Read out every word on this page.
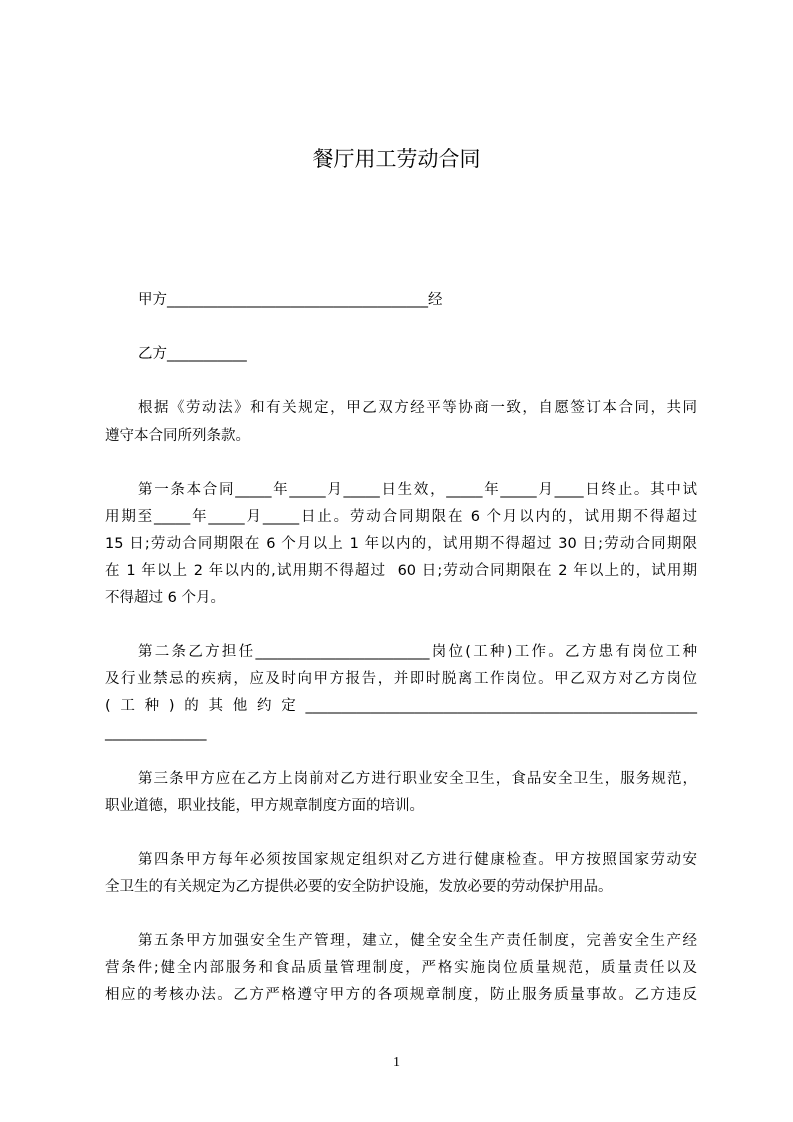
餐厅用工劳动合同
甲方____________________________________经
乙方___________
根据《劳动法》和有关规定，甲乙双方经平等协商一致，自愿签订本合同，共同
遵守本合同所列条款。
第一条本合同_____年_____月_____日生效，_____年_____月____日终止。其中试
用期至_____年_____月_____日止。劳动合同期限在 6 个月以内的，试用期不得超过
15 日;劳动合同期限在 6 个月以上 1 年以内的，试用期不得超过 30 日;劳动合同期限
在 1 年以上 2 年以内的,试用期不得超过  60 日;劳动合同期限在 2 年以上的，试用期
不得超过 6 个月。
第二条乙方担任________________________岗位(工种)工作。乙方患有岗位工种
及行业禁忌的疾病，应及时向甲方报告，并即时脱离工作岗位。甲乙双方对乙方岗位
(工种)的其他约定______________________________________________________
______________
第三条甲方应在乙方上岗前对乙方进行职业安全卫生，食品安全卫生，服务规范，
职业道德，职业技能，甲方规章制度方面的培训。
第四条甲方每年必须按国家规定组织对乙方进行健康检查。甲方按照国家劳动安
全卫生的有关规定为乙方提供必要的安全防护设施，发放必要的劳动保护用品。
第五条甲方加强安全生产管理，建立，健全安全生产责任制度，完善安全生产经
营条件;健全内部服务和食品质量管理制度，严格实施岗位质量规范，质量责任以及
相应的考核办法。乙方严格遵守甲方的各项规章制度，防止服务质量事故。乙方违反
1
